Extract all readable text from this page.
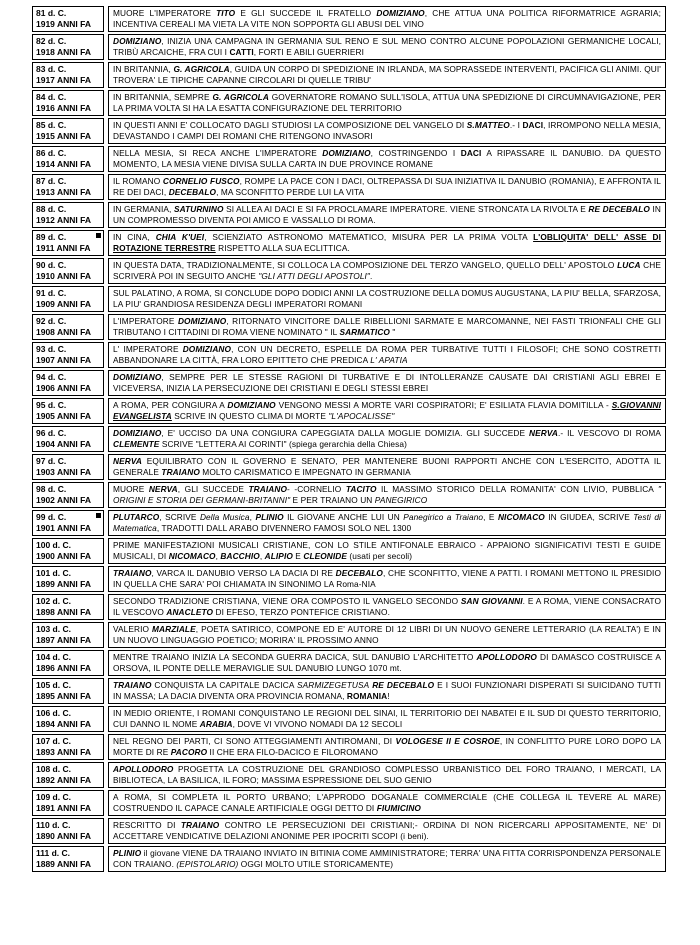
81 d. C.
1919 ANNI FA
MUORE L'IMPERATORE TITO E GLI SUCCEDE IL FRATELLO DOMIZIANO, CHE ATTUA UNA POLITICA RIFORMATRICE AGRARIA; INCENTIVA CEREALI MA VIETA LA VITE NON SOPPORTA GLI ABUSI DEL VINO
82 d. C.
1918 ANNI FA
DOMIZIANO, INIZIA UNA CAMPAGNA IN GERMANIA SUL RENO E SUL MENO CONTRO ALCUNE POPOLAZIONI GERMANICHE LOCALI, TRIBÙ ARCAICHE, FRA CUI I CATTI, FORTI E ABILI GUERRIERI
83 d. C.
1917 ANNI FA
IN BRITANNIA, G. AGRICOLA, GUIDA UN CORPO DI SPEDIZIONE IN IRLANDA, MA SOPRASSEDE INTERVENTI, PACIFICA GLI ANIMI. QUI' TROVERA' LE TIPICHE CAPANNE CIRCOLARI DI QUELLE TRIBU'
84 d. C.
1916 ANNI FA
IN BRITANNIA, SEMPRE G. AGRICOLA GOVERNATORE ROMANO SULL'ISOLA, ATTUA UNA SPEDIZIONE DI CIRCUMNAVIGAZIONE, PER LA PRIMA VOLTA SI HA LA ESATTA CONFIGURAZIONE DEL TERRITORIO
85 d. C.
1915 ANNI FA
IN QUESTI ANNI E' COLLOCATO DAGLI STUDIOSI LA COMPOSIZIONE DEL VANGELO DI S.MATTEO.- I DACI, IRROMPONO NELLA MESIA, DEVASTANDO I CAMPI DEI ROMANI CHE RITENGONO INVASORI
86 d. C.
1914 ANNI FA
NELLA MESIA, SI RECA ANCHE L'IMPERATORE DOMIZIANO, COSTRINGENDO I DACI A RIPASSARE IL DANUBIO. DA QUESTO MOMENTO, LA MESIA VIENE DIVISA SULLA CARTA IN DUE PROVINCE ROMANE
87 d. C.
1913 ANNI FA
IL ROMANO CORNELIO FUSCO, ROMPE LA PACE CON I DACI, OLTREPASSA DI SUA INIZIATIVA IL DANUBIO (ROMANIA), E AFFRONTA IL RE DEI DACI, DECEBALO, MA SCONFITTO PERDE LUI LA VITA
88 d. C.
1912 ANNI FA
IN GERMANIA, SATURNINO SI ALLEA AI DACI E SI FA PROCLAMARE IMPERATORE. VIENE STRONCATA LA RIVOLTA E RE DECEBALO IN UN COMPROMESSO DIVENTA POI AMICO E VASSALLO DI ROMA.
89 d. C.
1911 ANNI FA
IN CINA, CHIA K'UEI, SCIENZIATO ASTRONOMO MATEMATICO, MISURA PER LA PRIMA VOLTA L'OBLIQUITA' DELL' ASSE DI ROTAZIONE TERRESTRE RISPETTO ALLA SUA ECLITTICA.
90 d. C.
1910 ANNI FA
IN QUESTA DATA, TRADIZIONALMENTE, SI COLLOCA LA COMPOSIZIONE DEL TERZO VANGELO, QUELLO DELL' APOSTOLO LUCA CHE SCRIVERÀ POI IN SEGUITO ANCHE "GLI ATTI DEGLI APOSTOLI".
91 d. C.
1909 ANNI FA
SUL PALATINO, A ROMA, SI CONCLUDE DOPO DODICI ANNI LA COSTRUZIONE DELLA DOMUS AUGUSTANA, LA PIU' BELLA, SFARZOSA, LA PIU' GRANDIOSA RESIDENZA DEGLI IMPERATORI ROMANI
92 d. C.
1908 ANNI FA
L'IMPERATORE DOMIZIANO, RITORNATO VINCITORE DALLE RIBELLIONI SARMATE E MARCOMANNE, NEI FASTI TRIONFALI CHE GLI TRIBUTANO I CITTADINI DI ROMA VIENE NOMINATO " IL SARMATICO "
93 d. C.
1907 ANNI FA
L' IMPERATORE DOMIZIANO, CON UN DECRETO, ESPELLE DA ROMA PER TURBATIVE TUTTI I FILOSOFI; CHE SONO COSTRETTI ABBANDONARE LA CITTÀ, FRA LORO EPITTETO CHE PREDICA L' APATIA
94 d. C.
1906 ANNI FA
DOMIZIANO, SEMPRE PER LE STESSE RAGIONI DI TURBATIVE E DI INTOLLERANZE CAUSATE DAI CRISTIANI AGLI EBREI E VICEVERSA, INIZIA LA PERSECUZIONE DEI CRISTIANI E DEGLI STESSI EBREI
95 d. C.
1905 ANNI FA
A ROMA, PER CONGIURA A DOMIZIANO VENGONO MESSI A MORTE VARI COSPIRATORI; E' ESILIATA FLAVIA DOMITILLA - S.GIOVANNI EVANGELISTA SCRIVE IN QUESTO CLIMA DI MORTE "L'APOCALISSE"
96 d. C.
1904 ANNI FA
DOMIZIANO, E' UCCISO DA UNA CONGIURA CAPEGGIATA DALLA MOGLIE DOMIZIA. GLI SUCCEDE NERVA.- IL VESCOVO DI ROMA CLEMENTE SCRIVE "LETTERA AI CORINTI" (spiega gerarchia della Chiesa)
97 d. C.
1903 ANNI FA
NERVA EQUILIBRATO CON IL GOVERNO E SENATO, PER MANTENERE BUONI RAPPORTI ANCHE CON L'ESERCITO, ADOTTA IL GENERALE TRAIANO MOLTO CARISMATICO E IMPEGNATO IN GERMANIA
98 d. C.
1902 ANNI FA
MUORE NERVA, GLI SUCCEDE TRAIANO- -CORNELIO TACITO IL MASSIMO STORICO DELLA ROMANITA' CON LIVIO, PUBBLICA " ORIGINI E STORIA DEI GERMANI-BRITANNI" E PER TRAIANO UN PANEGIRICO
99 d. C.
1901 ANNI FA
PLUTARCO, SCRIVE Della Musica, PLINIO IL GIOVANE ANCHE LUI UN Panegirico a Traiano, E NICOMACO IN GIUDEA, SCRIVE Testi di Matematica, TRADOTTI DALL ARABO DIVENNERO FAMOSI SOLO NEL 1300
100 d. C.
1900 ANNI FA
PRIME MANIFESTAZIONI MUSICALI CRISTIANE, CON LO STILE ANTIFONALE EBRAICO - APPAIONO SIGNIFICATIVI TESTI E GUIDE MUSICALI, DI NICOMACO, BACCHIO, ALIPIO E CLEONIDE (usati per secoli)
101 d. C.
1899 ANNI FA
TRAIANO, VARCA IL DANUBIO VERSO LA DACIA DI RE DECEBALO, CHE SCONFITTO, VIENE A PATTI. I ROMANI METTONO IL PRESIDIO IN QUELLA CHE SARA' POI CHIAMATA IN SINONIMO LA Roma-NIA
102 d. C.
1898 ANNI FA
SECONDO TRADIZIONE CRISTIANA, VIENE ORA COMPOSTO IL VANGELO SECONDO SAN GIOVANNI. E A ROMA, VIENE CONSACRATO IL VESCOVO ANACLETO DI EFESO, TERZO PONTEFICE CRISTIANO.
103 d. C.
1897 ANNI FA
VALERIO MARZIALE, POETA SATIRICO, COMPONE ED E' AUTORE DI 12 LIBRI DI UN NUOVO GENERE LETTERARIO (LA REALTA') E IN UN NUOVO LINGUAGGIO POETICO; MORIRA' IL PROSSIMO ANNO
104 d. C.
1896 ANNI FA
MENTRE TRAIANO INIZIA LA SECONDA GUERRA DACICA, SUL DANUBIO L'ARCHITETTO APOLLODORO DI DAMASCO COSTRUISCE A ORSOVA, IL PONTE DELLE MERAVIGLIE SUL DANUBIO LUNGO 1070 mt.
105 d. C.
1895 ANNI FA
TRAIANO CONQUISTA LA CAPITALE DACICA SARMIZEGETUSA RE DECEBALO E I SUOI FUNZIONARI DISPERATI SI SUICIDANO TUTTI IN MASSA; LA DACIA DIVENTA ORA PROVINCIA ROMANA, ROMANIA!
106 d. C.
1894 ANNI FA
IN MEDIO ORIENTE, I ROMANI CONQUISTANO LE REGIONI DEL SINAI, IL TERRITORIO DEI NABATEI E IL SUD DI QUESTO TERRITORIO, CUI DANNO IL NOME ARABIA, DOVE VI VIVONO NOMADI DA 12 SECOLI
107 d. C.
1893 ANNI FA
NEL REGNO DEI PARTI, CI SONO ATTEGGIAMENTI ANTIROMANI, DI VOLOGESE II E COSROE, IN CONFLITTO PURE LORO DOPO LA MORTE DI RE PACORO II CHE ERA FILO-DACICO E FILOROMANO
108 d. C.
1892 ANNI FA
APOLLODORO PROGETTA LA COSTRUZIONE DEL GRANDIOSO COMPLESSO URBANISTICO DEL FORO TRAIANO, I MERCATI, LA BIBLIOTECA, LA BASILICA, IL FORO; MASSIMA ESPRESSIONE DEL SUO GENIO
109 d. C.
1891 ANNI FA
A ROMA, SI COMPLETA IL PORTO URBANO; L'APPRODO DOGANALE COMMERCIALE (CHE COLLEGA IL TEVERE AL MARE) COSTRUENDO IL CAPACE CANALE ARTIFICIALE OGGI DETTO DI FIUMICINO
110 d. C.
1890 ANNI FA
RESCRITTO DI TRAIANO CONTRO LE PERSECUZIONI DEI CRISTIANI;- ORDINA DI NON RICERCARLI APPOSITAMENTE, NE' DI ACCETTARE VENDICATIVE DELAZIONI ANONIME PER IPOCRITI SCOPI (i beni).
111 d. C.
1889 ANNI FA
PLINIO il giovane VIENE DA TRAIANO INVIATO IN BITINIA COME AMMINISTRATORE; TERRA' UNA FITTA CORRISPONDENZA PERSONALE CON TRAIANO. (EPISTOLARIO) OGGI MOLTO UTILE STORICAMENTE)
